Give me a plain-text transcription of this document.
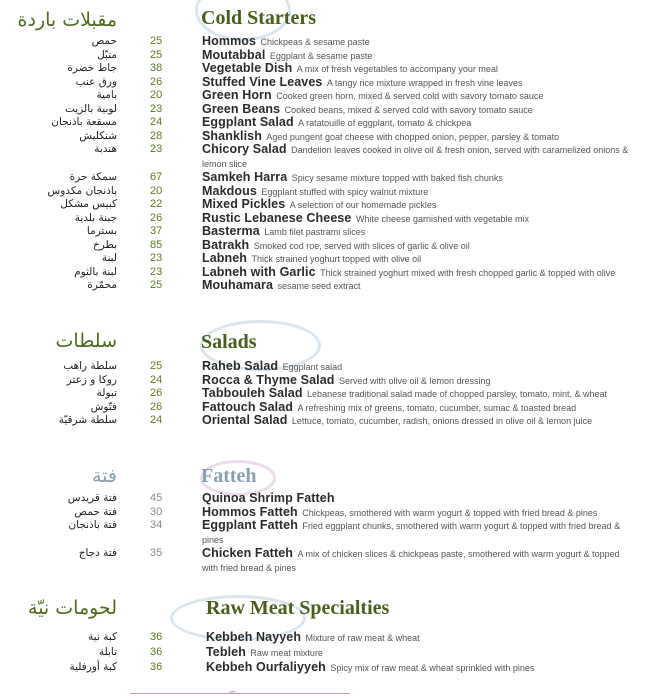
مقبلات باردة	Cold Starters
حمص	25	Hommos Chickpeas & sesame paste
متبّل	25	Moutabbal Eggplant & sesame paste
جاط خضرة	38	Vegetable Dish A mix of fresh vegetables to accompany your meal
ورق عنب	26	Stuffed Vine Leaves A tangy rice mixture wrapped in fresh vine leaves
بامية	20	Green Horn Cooked green horn, mixed & served cold with savory tomato sauce
لوبية بالزيت	23	Green Beans Cooked beans, mixed & served cold with savory tomato sauce
مسقعة باذنجان	24	Eggplant Salad A ratatouille of eggplant, tomato & chickpea
شنكليش	28	Shanklish Aged pungent goat cheese with chopped onion, pepper, parsley & tomato
هندبة	23	Chicory Salad Dandelion leaves cooked in olive oil & fresh onion, served with caramelized onions & lemon slice
سمكة حرة	67	Samkeh Harra Spicy sesame mixture topped with baked fish chunks
باذنجان مكدوس	20	Makdous Eggplant stuffed with spicy walnut mixture
كبيس مشكل	22	Mixed Pickles A selection of our homemade pickles
جبنة بلدية	26	Rustic Lebanese Cheese White cheese garnished with vegetable mix
بسترما	37	Basterma Lamb filet pastrami slices
بطرخ	85	Batrakh Smoked cod roe, served with slices of garlic & olive oil
لبنة	23	Labneh Thick strained yoghurt topped with olive oil
لبنة بالثوم	23	Labneh with Garlic Thick strained yoghurt mixed with fresh chopped garlic & topped with olive
محمّرة	25	Mouhamara sesame seed extract
سلطات	Salads
سلطة راهب	25	Raheb Salad Eggplant salad
روكا و زعتر	24	Rocca & Thyme Salad Served with olive oil & lemon dressing
تبولة	26	Tabbouleh Salad Lebanese traditional salad made of chopped parsley, tomato, mint, & wheat
فتّوش	26	Fattouch Salad A refreshing mix of greens, tomato, cucumber, sumac & toasted bread
سلطة شرقيّة	24	Oriental Salad Lettuce, tomato, cucumber, radish, onions dressed in olive oil & lemon juice
فتة	Fatteh
فتة قريدس	45	Quinoa Shrimp Fatteh
فتة حمص	30	Hommos Fatteh Chickpeas, smothered with warm yogurt & topped with fried bread & pines
فتة باذنجان	34	Eggplant Fatteh Fried eggplant chunks, smothered with warm yogurt & topped with fried bread & pines
فتة دجاج	35	Chicken Fatteh A mix of chicken slices & chickpeas paste, smothered with warm yogurt & topped with fried bread & pines
لحومات نيّة	Raw Meat Specialties
كبة نية	36	Kebbeh Nayyeh Mixture of raw meat & wheat
تابلة	36	Tebleh Raw meat mixture
كبة أورفلية	36	Kebbeh Ourfaliyyeh Spicy mix of raw meat & wheat sprinkled with pines
∽
